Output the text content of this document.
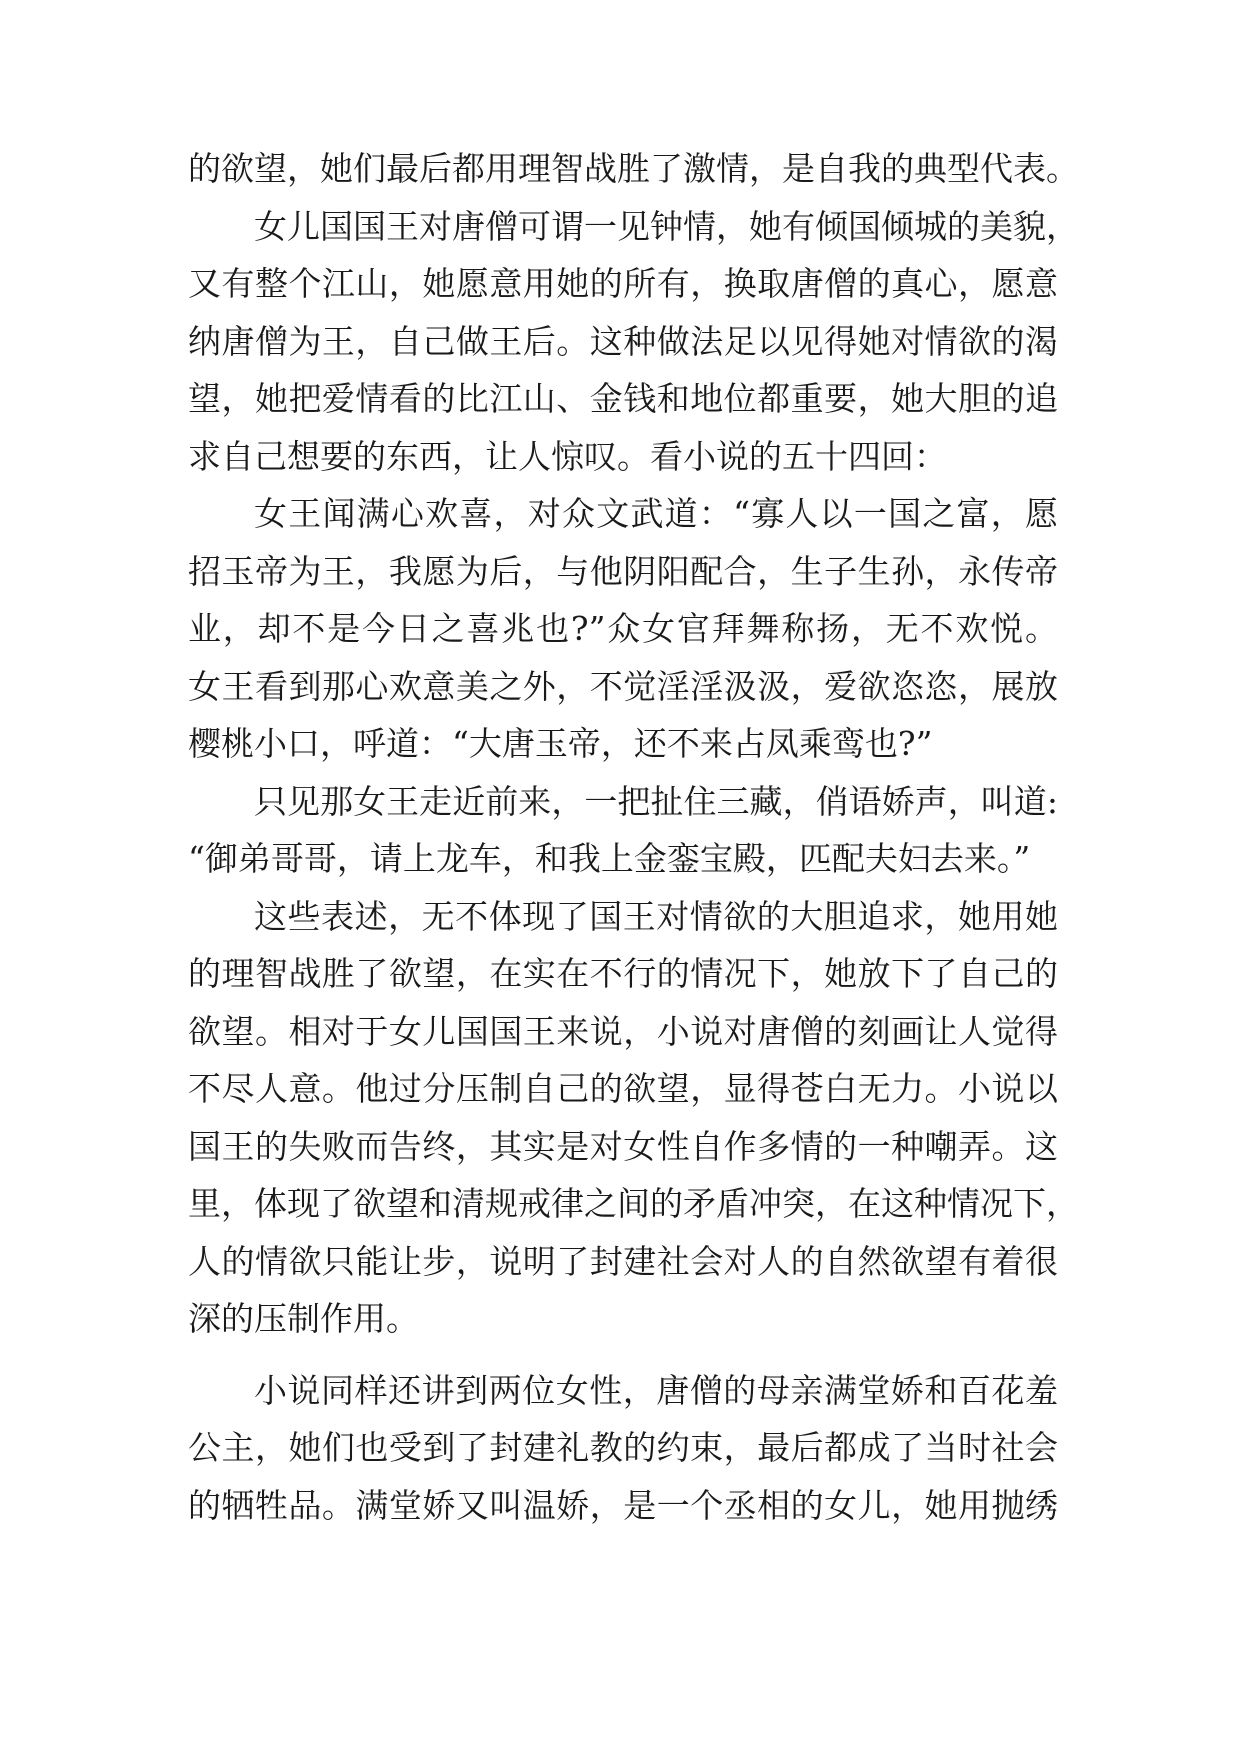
的欲望，她们最后都用理智战胜了激情，是自我的典型代表。
女儿国国王对唐僧可谓一见钟情，她有倾国倾城的美貌，
又有整个江山，她愿意用她的所有，换取唐僧的真心，愿意
纳唐僧为王，自己做王后。这种做法足以见得她对情欲的渴
望，她把爱情看的比江山、金钱和地位都重要，她大胆的追
求自己想要的东西，让人惊叹。看小说的五十四回：
女王闻满心欢喜，对众文武道：“寡人以一国之富，愿
招玉帝为王，我愿为后，与他阴阳配合，生子生孙，永传帝
业，却不是今日之喜兆也?”众女官拜舞称扬，无不欢悦。
女王看到那心欢意美之外，不觉淫淫汲汲，爱欲恣恣，展放
樱桃小口，呼道：“大唐玉帝，还不来占凤乘鸾也?”
只见那女王走近前来，一把扯住三藏，俏语娇声，叫道:
“御弟哥哥，请上龙车，和我上金銮宝殿，匹配夫妇去来。”
这些表述，无不体现了国王对情欲的大胆追求，她用她
的理智战胜了欲望，在实在不行的情况下，她放下了自己的
欲望。相对于女儿国国王来说，小说对唐僧的刻画让人觉得
不尽人意。他过分压制自己的欲望，显得苍白无力。小说以
国王的失败而告终，其实是对女性自作多情的一种嘲弄。这
里，体现了欲望和清规戒律之间的矛盾冲突，在这种情况下，
人的情欲只能让步，说明了封建社会对人的自然欲望有着很
深的压制作用。
小说同样还讲到两位女性，唐僧的母亲满堂娇和百花羞
公主，她们也受到了封建礼教的约束，最后都成了当时社会
的牺牲品。满堂娇又叫温娇，是一个丞相的女儿，她用抛绣
